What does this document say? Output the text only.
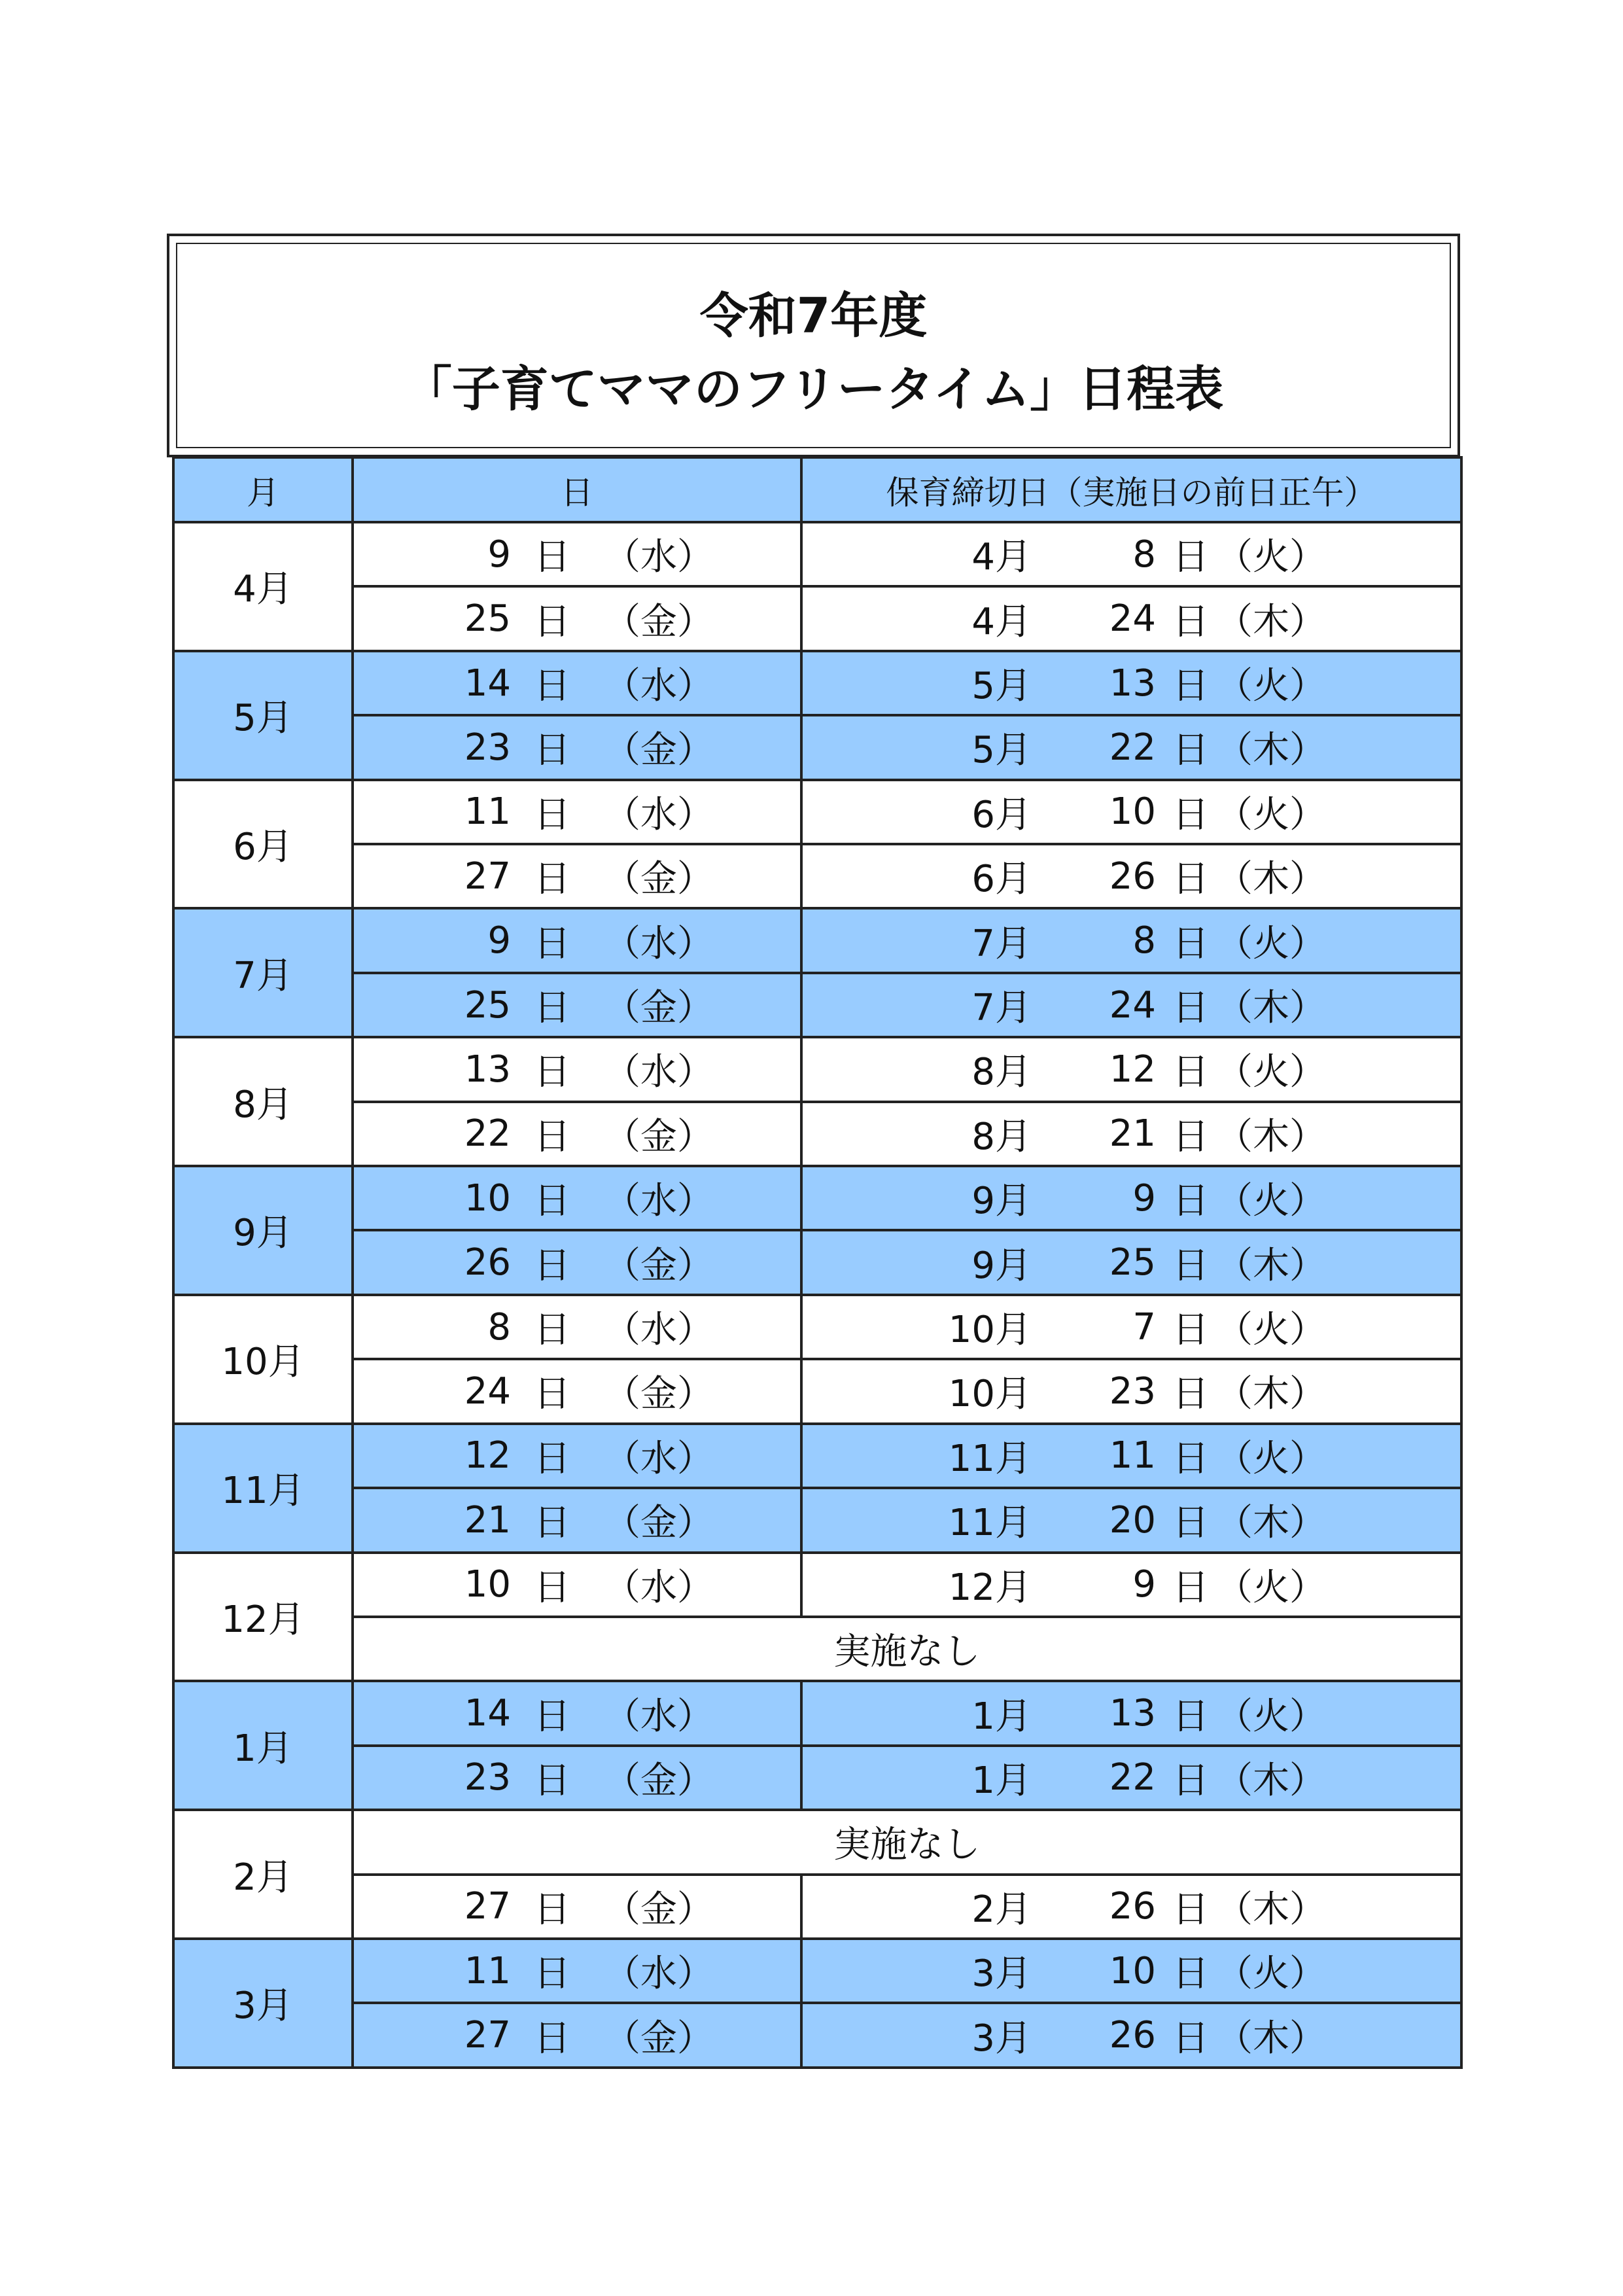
令和7年度
「子育てママのフリータイム」日程表
月	日	保育締切日（実施日の前日正午）
4月	9 日 （水）	4月 8 日 （火）

	25 日 （金）	4月 24 日 （木）

5月	14 日 （水）	5月 13 日 （火）

	23 日 （金）	5月 22 日 （木）

6月	11 日 （水）	6月 10 日 （火）

	27 日 （金）	6月 26 日 （木）

7月	9 日 （水）	7月 8 日 （火）

	25 日 （金）	7月 24 日 （木）

8月	13 日 （水）	8月 12 日 （火）

	22 日 （金）	8月 21 日 （木）

9月	10 日 （水）	9月 9 日 （火）

	26 日 （金）	9月 25 日 （木）

10月	8 日 （水）	10月 7 日 （火）

	24 日 （金）	10月 23 日 （木）

11月	12 日 （水）	11月 11 日 （火）

	21 日 （金）	11月 20 日 （木）

12月	10 日 （水）	12月 9 日 （火）

	実施なし	
1月	14 日 （水）	1月 13 日 （火）

	23 日 （金）	1月 22 日 （木）

2月	実施なし	

	27 日 （金）	2月 26 日 （木）

3月	11 日 （水）	3月 10 日 （火）

	27 日 （金）	3月 26 日 （木）
